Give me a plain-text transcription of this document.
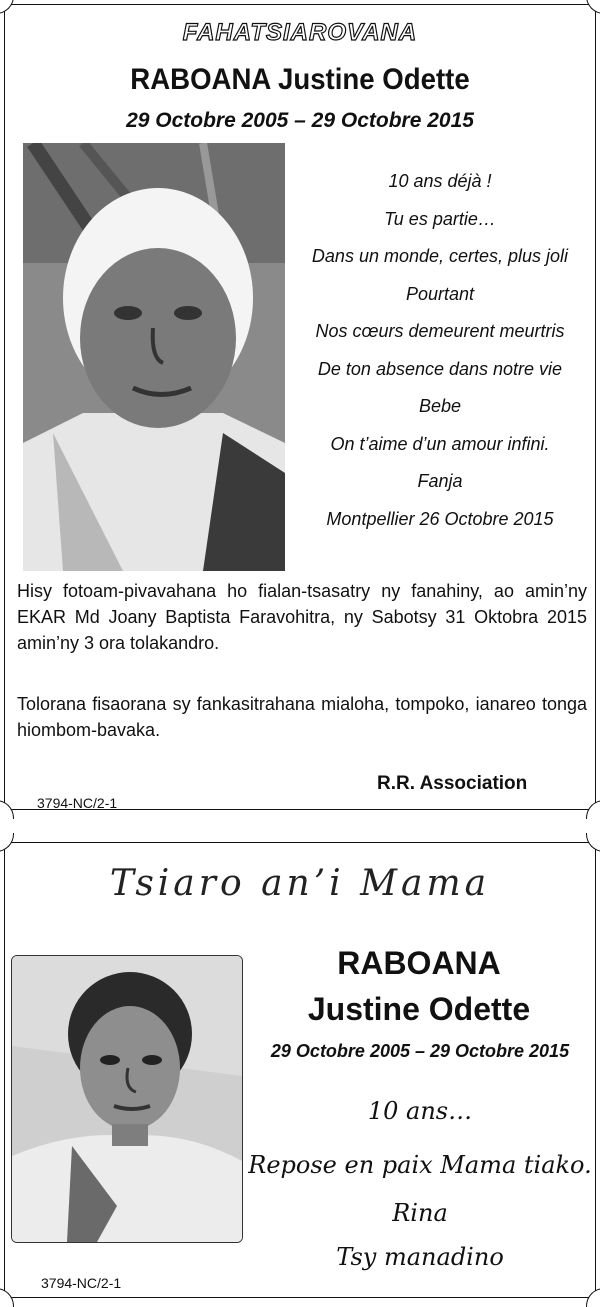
FAHATSIAROVANA
RABOANA Justine Odette
29 Octobre 2005 – 29 Octobre 2015
10 ans déjà !
Tu es partie…
Dans un monde, certes, plus joli
Pourtant
Nos cœurs demeurent meurtris
De ton absence dans notre vie
Bebe
On t’aime d’un amour infini.
Fanja
Montpellier 26 Octobre 2015
Hisy fotoam-pivavahana ho fialan-tsasatry ny fanahiny, ao amin’ny EKAR Md Joany Baptista Faravohitra, ny Sabotsy 31 Oktobra 2015 amin’ny 3 ora tolakandro.
Tolorana fisaorana sy fankasitrahana mialoha, tompoko, ianareo tonga hiombom-bavaka.
R.R. Association
3794-NC/2-1
Tsiaro an’i Mama
RABOANA
Justine Odette
29 Octobre 2005 – 29 Octobre 2015
10 ans…
Repose en paix Mama tiako.
Rina
Tsy manadino
3794-NC/2-1
